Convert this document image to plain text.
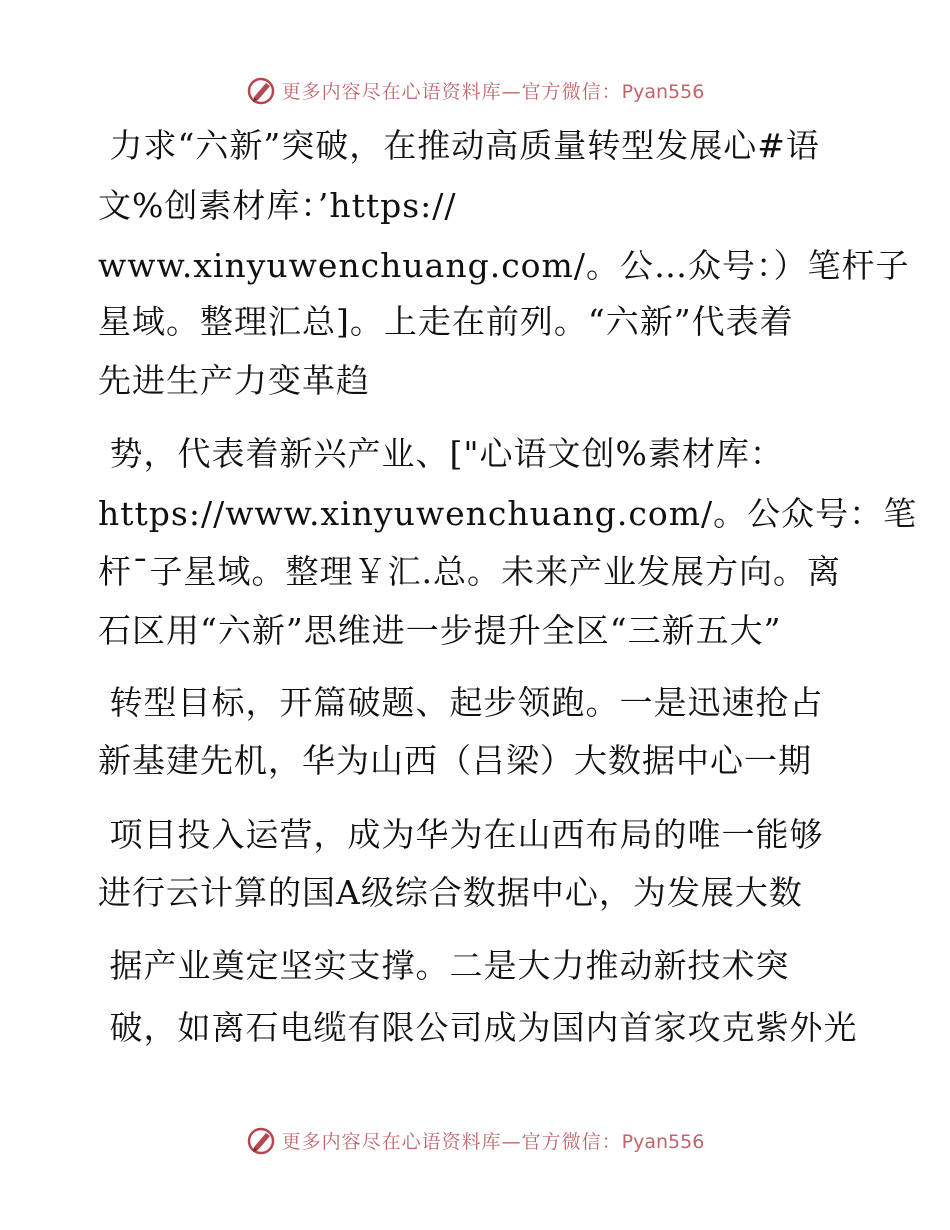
更多内容尽在心语资料库—官方微信：Pyan556
力求“六新”突破，在推动高质量转型发展心#语
文%创素材库：’https://
www.xinyuwenchuang.com/。公…众号：）笔杆子
星域。整理汇总]。上走在前列。“六新”代表着
先进生产力变革趋
势，代表着新兴产业、["心语文创%素材库：
https://www.xinyuwenchuang.com/。公众号：笔
杆¯子星域。整理￥汇.总。未来产业发展方向。离
石区用“六新”思维进一步提升全区“三新五大”
转型目标，开篇破题、起步领跑。一是迅速抢占
新基建先机，华为山西（吕梁）大数据中心一期
项目投入运营，成为华为在山西布局的唯一能够
进行云计算的国A级综合数据中心，为发展大数
据产业奠定坚实支撑。二是大力推动新技术突
破，如离石电缆有限公司成为国内首家攻克紫外光
更多内容尽在心语资料库—官方微信：Pyan556
